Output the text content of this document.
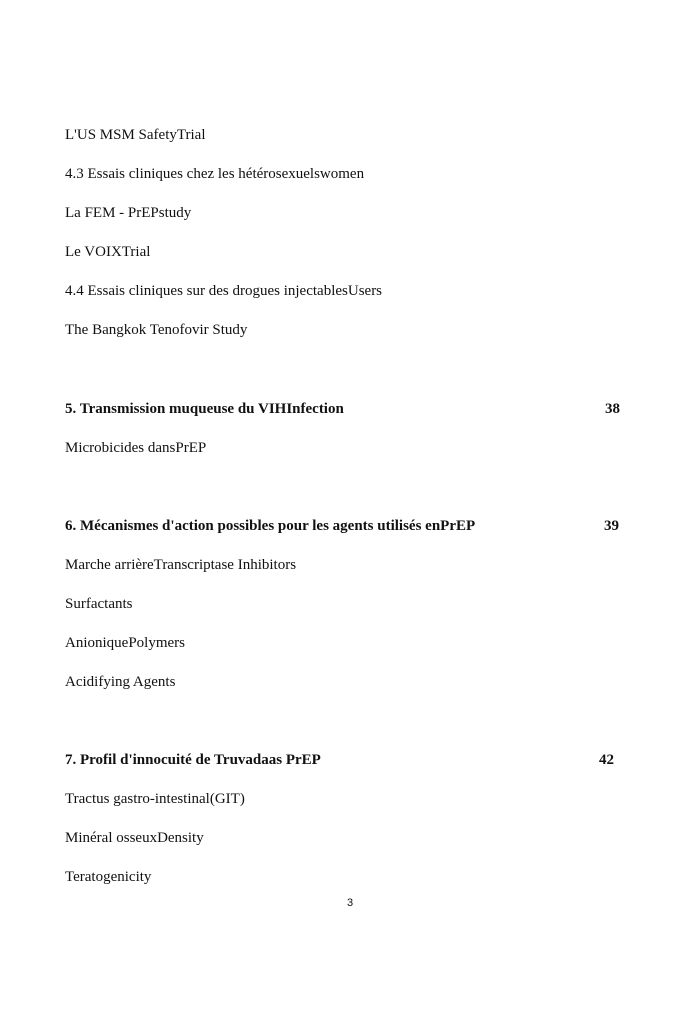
L'US MSM SafetyTrial
4.3 Essais cliniques chez les hétérosexuelswomen
La FEM - PrEPstudy
Le VOIXTrial
4.4 Essais cliniques sur des drogues injectablesUsers
The Bangkok Tenofovir Study
5. Transmission muqueuse du VIHInfection	38
Microbicides dansPrEP
6. Mécanismes d'action possibles pour les agents utilisés enPrEP	39
Marche arrièreTranscriptase Inhibitors
Surfactants
AnioniquePolymers
Acidifying Agents
7. Profil d'innocuité de Truvadaas PrEP	42
Tractus gastro-intestinal(GIT)
Minéral osseuxDensity
Teratogenicity
3
